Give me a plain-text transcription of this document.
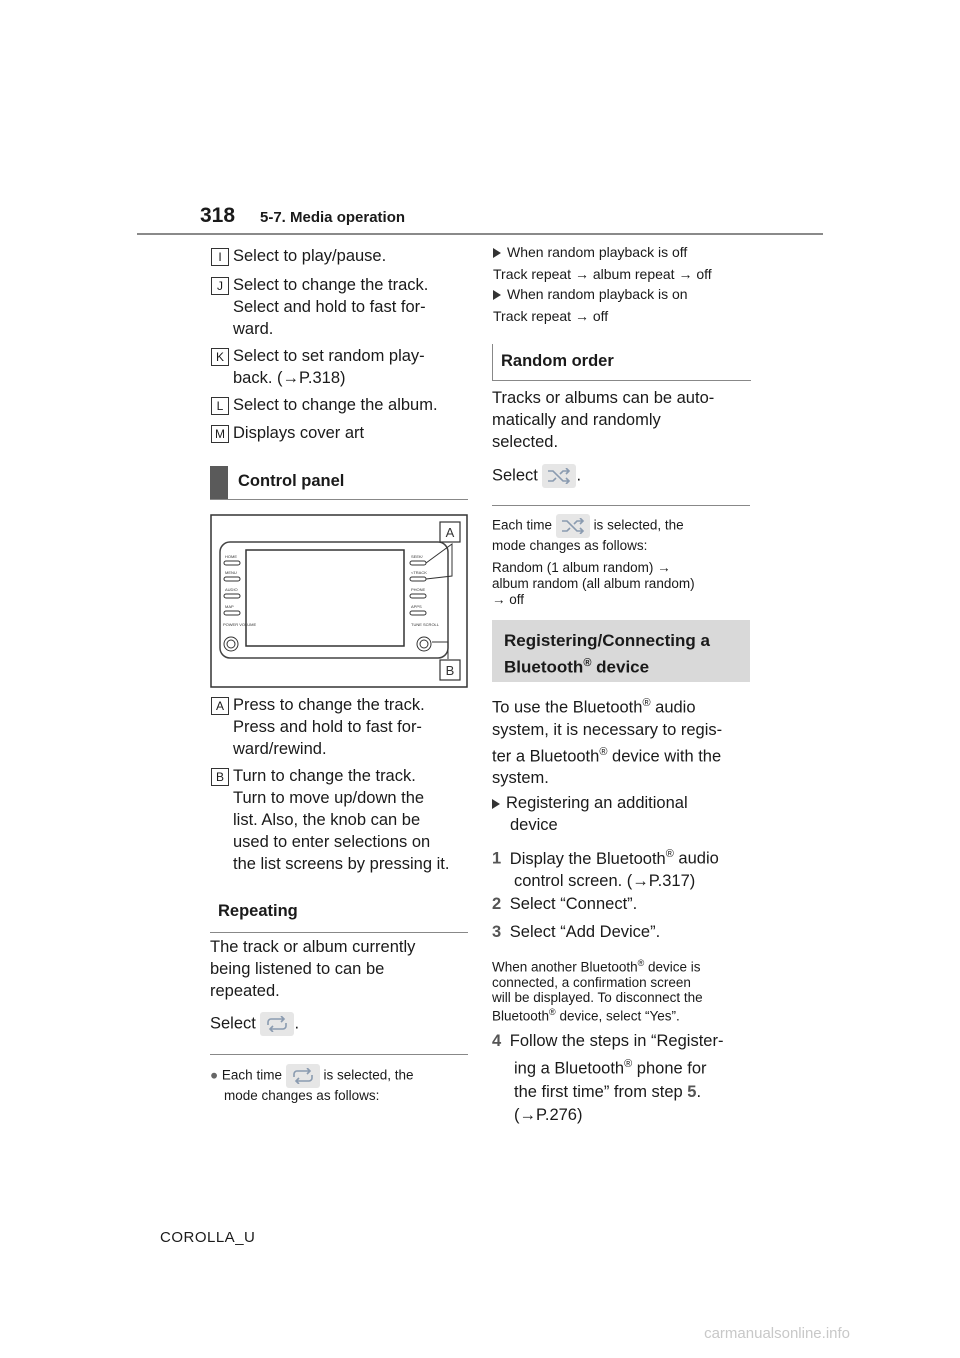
318 5-7. Media operation
I Select to play/pause.
J Select to change the track.
Select and hold to fast for-
ward.
K Select to set random play-
back. (→P.318)
L Select to change the album.
M Displays cover art
Control panel
HOME
MENU
AUDIO
MAP
POWER VOLUME
SEEK/
<TRACK
PHONE
APPS
TUNE SCROLL
A
B
A Press to change the track.
Press and hold to fast for-
ward/rewind.
B Turn to change the track.
Turn to move up/down the
list. Also, the knob can be
used to enter selections on
the list screens by pressing it.
Repeating
The track or album currently
being listened to can be
repeated.
Select .
● Each time	is selected, the
mode changes as follows:
When random playback is off
Track repeat → album repeat → off
When random playback is on
Track repeat → off
Random order
Tracks or albums can be auto-
matically and randomly
selected.
Select .
Each time	is selected, the
mode changes as follows:
Random (1 album random) →
album random (all album random)
→ off
Registering/Connecting a
Bluetooth® device
To use the Bluetooth® audio
system, it is necessary to regis-
ter a Bluetooth® device with the
system.
Registering an additional
device
1 Display the Bluetooth® audio
control screen. (→P.317)
2 Select “Connect”.
3 Select “Add Device”.
When another Bluetooth® device is
connected, a confirmation screen
will be displayed. To disconnect the
Bluetooth® device, select “Yes”.
4 Follow the steps in “Register-
ing a Bluetooth® phone for
the first time” from step 5.
(→P.276)
COROLLA_U
carmanualsonline.info
